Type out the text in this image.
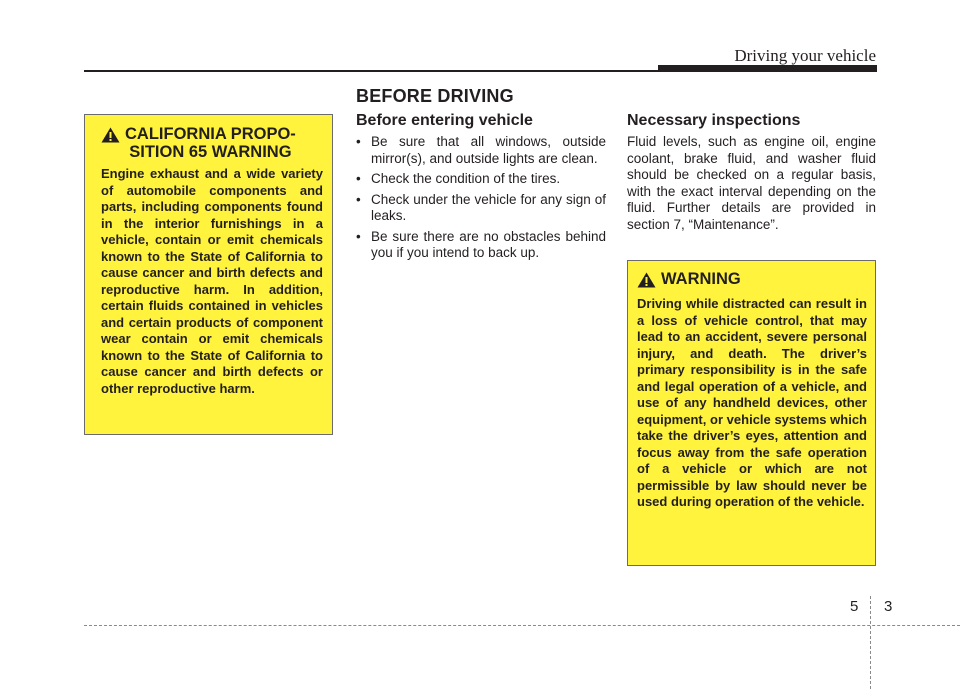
Driving your vehicle
BEFORE DRIVING
CALIFORNIA PROPO-
SITION 65 WARNING
Engine exhaust and a wide variety of automobile components and parts, including components found in the interior furnishings in a vehicle, contain or emit chemicals known to the State of California to cause cancer and birth defects and reproductive harm. In addition, certain fluids contained in vehicles and certain products of component wear contain or emit chemicals known to the State of California to cause cancer and birth defects or other reproductive harm.
Before entering vehicle
• Be sure that all windows, outside mirror(s), and outside lights are clean.
• Check the condition of the tires.
• Check under the vehicle for any sign of leaks.
• Be sure there are no obstacles behind you if you intend to back up.
Necessary inspections
Fluid levels, such as engine oil, engine coolant, brake fluid, and washer fluid should be checked on a regular basis, with the exact interval depending on the fluid. Further details are provided in section 7, “Maintenance”.
WARNING
Driving while distracted can result in a loss of vehicle control, that may lead to an accident, severe personal injury, and death. The driver’s primary responsibility is in the safe and legal operation of a vehicle, and use of any handheld devices, other equipment, or vehicle systems which take the driver’s eyes, attention and focus away from the safe operation of a vehicle or which are not permissible by law should never be used during operation of the vehicle.
5 3
